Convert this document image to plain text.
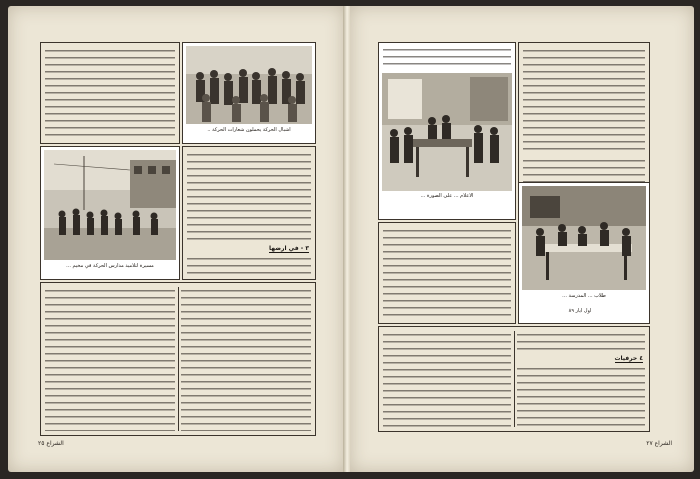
اشبال الحركة يحملون شعارات الحركة ..
مسيرة لتلاميذ مدارس الحركة في مخيم ...
٣ - في ارضها
الشراع ٢٥
الاعلام ... على الصورة ...
طلاب ... المدرسة ...
٤ حرفيات
اول ايار ٨٩
الشراع ٢٧
